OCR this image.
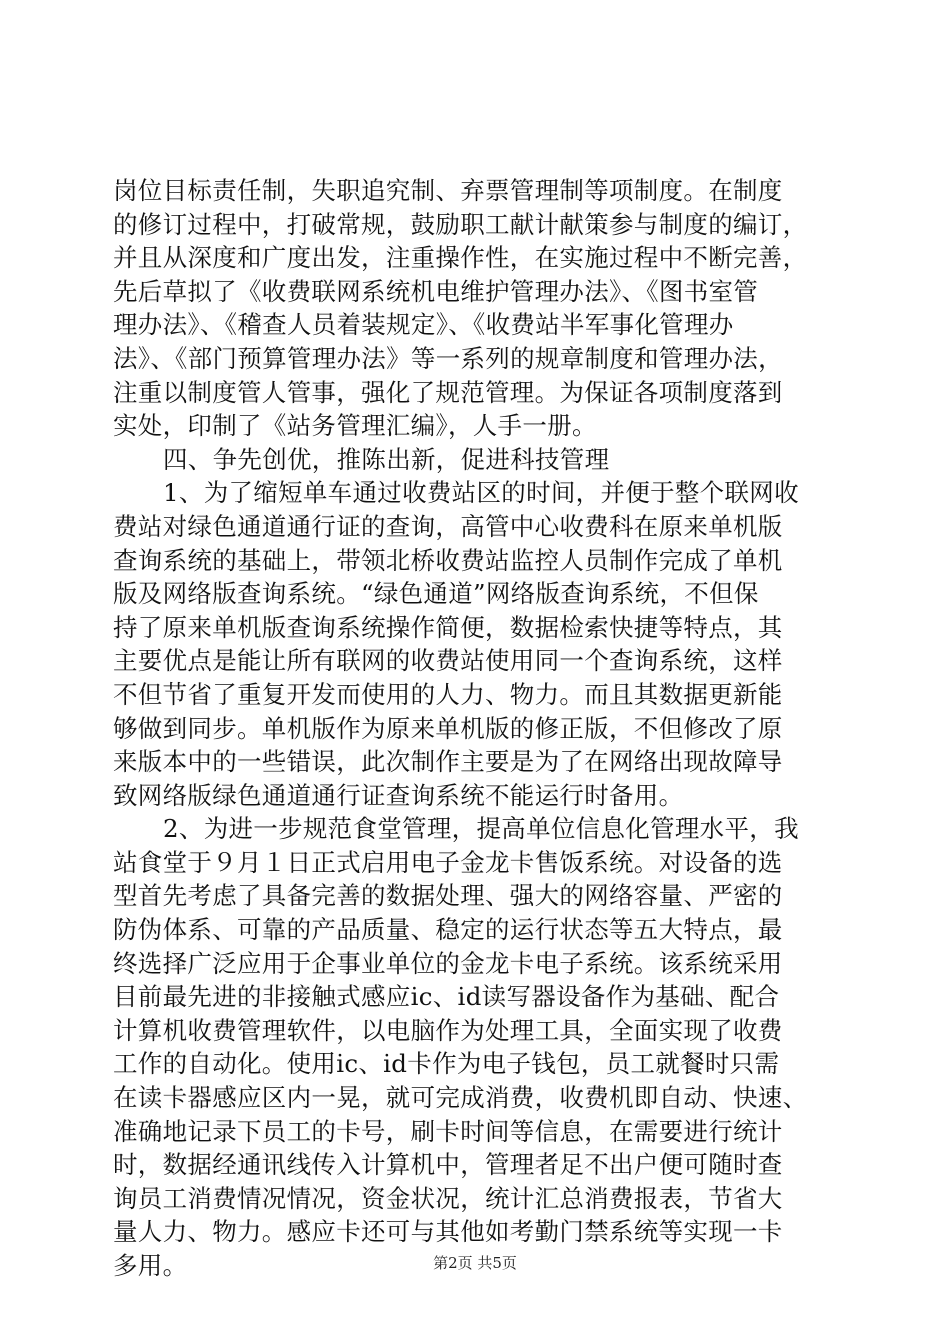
岗位目标责任制，失职追究制、弃票管理制等项制度。在制度
的修订过程中，打破常规，鼓励职工献计献策参与制度的编订，
并且从深度和广度出发，注重操作性，在实施过程中不断完善，
先后草拟了《收费联网系统机电维护管理办法》、《图书室管
理办法》、《稽查人员着装规定》、《收费站半军事化管理办
法》、《部门预算管理办法》等一系列的规章制度和管理办法，
注重以制度管人管事，强化了规范管理。为保证各项制度落到
实处，印制了《站务管理汇编》，人手一册。
四、争先创优，推陈出新，促进科技管理
1、为了缩短单车通过收费站区的时间，并便于整个联网收
费站对绿色通道通行证的查询，高管中心收费科在原来单机版
查询系统的基础上，带领北桥收费站监控人员制作完成了单机
版及网络版查询系统。“绿色通道”网络版查询系统，不但保
持了原来单机版查询系统操作简便，数据检索快捷等特点，其
主要优点是能让所有联网的收费站使用同一个查询系统，这样
不但节省了重复开发而使用的人力、物力。而且其数据更新能
够做到同步。单机版作为原来单机版的修正版，不但修改了原
来版本中的一些错误，此次制作主要是为了在网络出现故障导
致网络版绿色通道通行证查询系统不能运行时备用。
2、为进一步规范食堂管理，提高单位信息化管理水平，我
站食堂于９月１日正式启用电子金龙卡售饭系统。对设备的选
型首先考虑了具备完善的数据处理、强大的网络容量、严密的
防伪体系、可靠的产品质量、稳定的运行状态等五大特点，最
终选择广泛应用于企事业单位的金龙卡电子系统。该系统采用
目前最先进的非接触式感应ic、id读写器设备作为基础、配合
计算机收费管理软件，以电脑作为处理工具，全面实现了收费
工作的自动化。使用ic、id卡作为电子钱包，员工就餐时只需
在读卡器感应区内一晃，就可完成消费，收费机即自动、快速、
准确地记录下员工的卡号，刷卡时间等信息，在需要进行统计
时，数据经通讯线传入计算机中，管理者足不出户便可随时查
询员工消费情况情况，资金状况，统计汇总消费报表，节省大
量人力、物力。感应卡还可与其他如考勤门禁系统等实现一卡
多用。	第2页 共5页
